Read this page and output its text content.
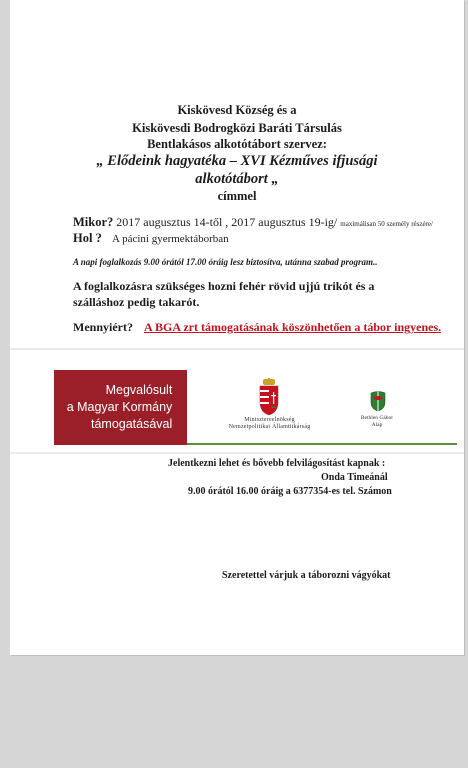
Kiskövesd Község és a
Kiskövesdi Bodrogközi Baráti Társulás
Bentlakásos alkotótábort szervez:
„ Elődeink hagyatéka – XVI Kézműves ifjusági
alkotótábort „
címmel
Mikor? 2017 augusztus 14-től , 2017 augusztus 19-ig/ maximálisan 50 személy részére/
Hol ? A pácini gyermektáborban
A napi foglalkozás 9.00 órától 17.00 óráig lesz biztosítva, utánna szabad program..
A foglalkozásra szükséges hozni fehér rövid ujjú trikót és a
szálláshoz pedig takarót.
Mennyiért? A BGA zrt támogatásának köszönhetően a tábor ingyenes.
Megvalósult
a Magyar Kormány
támogatásával	Minisztereelnökség
Nemzetpolitikai Államtitkárság
Bethlen Gábor
Alap
Jelentkezni lehet és bővebb felvilágosítást kapnak :
Onda Timeánál
9.00 órától 16.00 óráig a 6377354-es tel. Számon
Szeretettel várjuk a táborozni vágyókat
